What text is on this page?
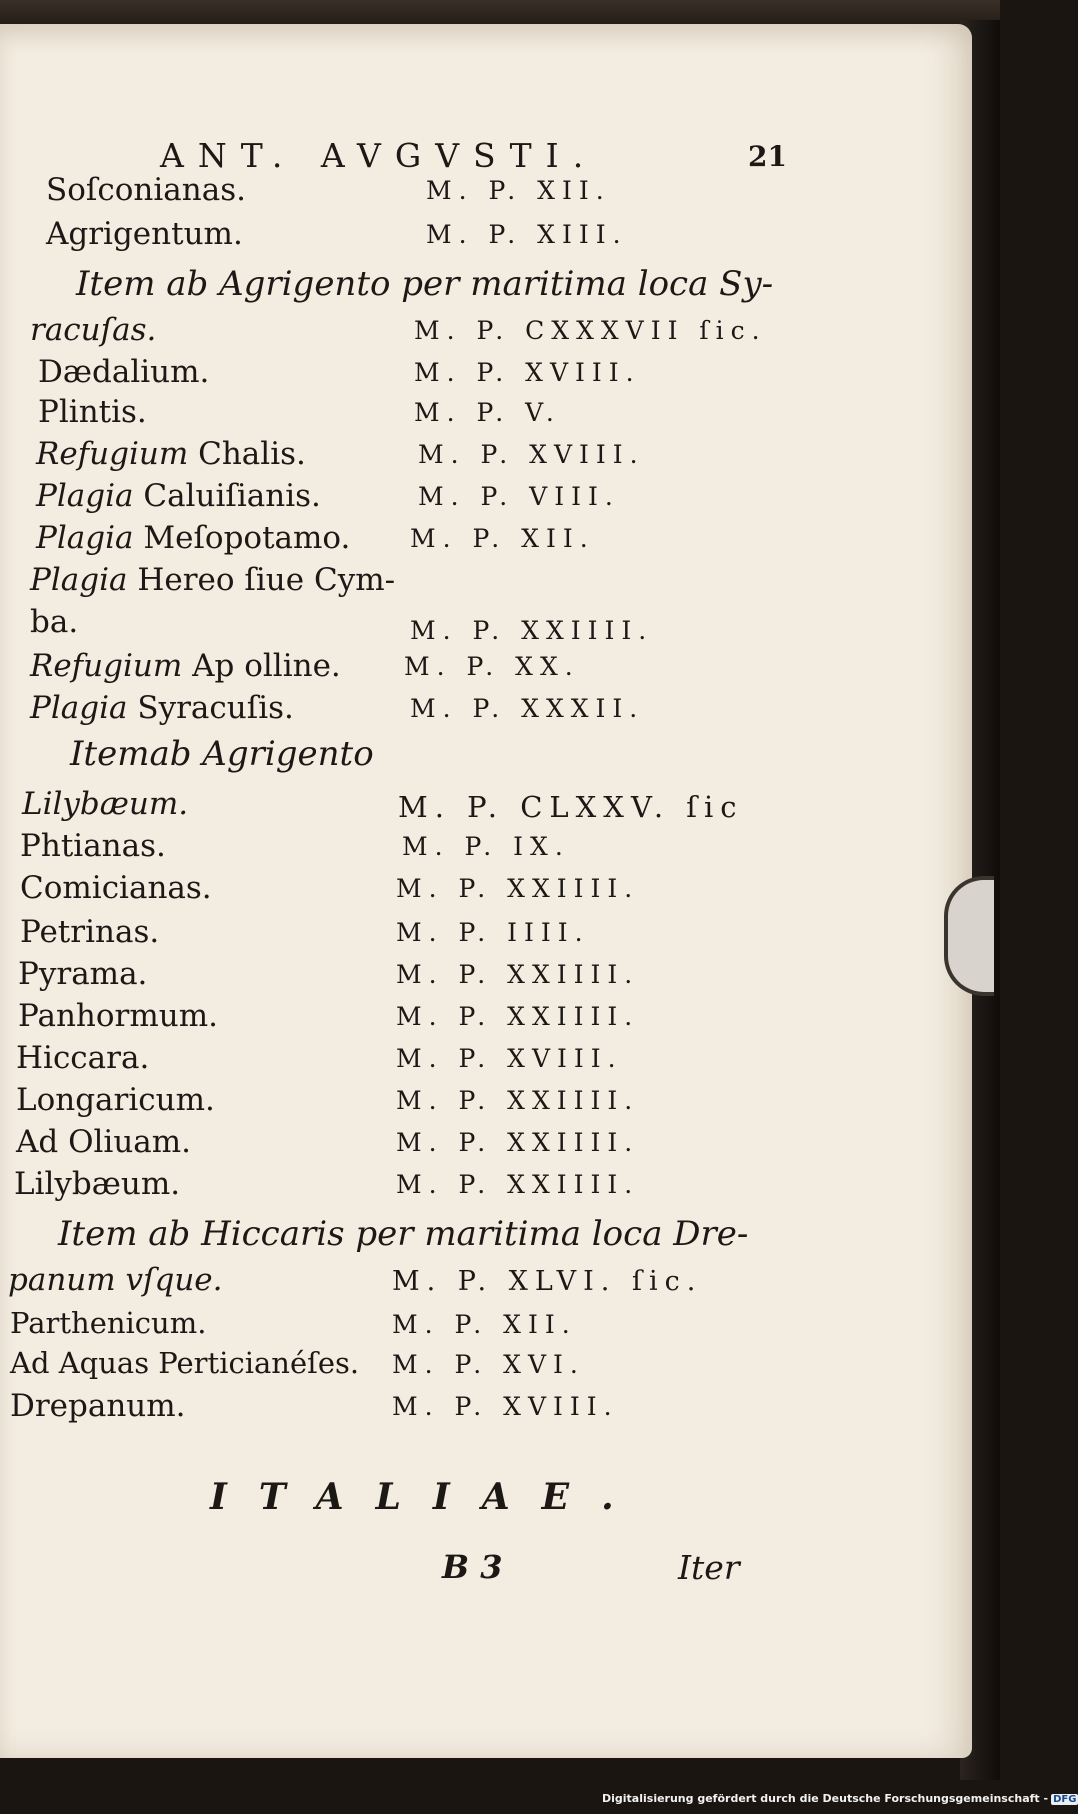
ANT. AVGVSTI.	21
Soſconianas.	M. P. XII.
Agrigentum.	M. P. XIII.
Item ab Agrigento per maritima loca Sy-
racuſas.	M. P. CXXXVII ſic.
Dædalium.	M. P. XVIII.
Plintis.	M. P. V.
Refugium Chalis.	M. P. XVIII.
Plagia Caluiſianis.	M. P. VIII.
Plagia Meſopotamo. M. P. XII.
Plagia Hereo ſiue Cym-
ba.	M. P. XXIIII.
Refugium Ap olline.	M. P. XX.
Plagia Syracuſis.	M. P. XXXII.
Itemab Agrigento
Lilybæum.	M. P. CLXXV. ſic
Phtianas.	M. P. IX.
Comicianas.	M. P. XXIIII.
Petrinas.	M. P. IIII.
Pyrama.	M. P. XXIIII.
Panhormum.	M. P. XXIIII.
Hiccara.	M. P. XVIII.
Longaricum.	M. P. XXIIII.
Ad Oliuam.	M. P. XXIIII.
Lilybæum.	M. P. XXIIII.
Item ab Hiccaris per maritima loca Dre-
panum vſque.	M. P. XLVI. ſic.
Parthenicum.	M. P. XII.
Ad Aquas Perticianéſes. M. P. XVI.
Drepanum.	M. P. XVIII.
ITALIAE.
B 3	Iter
Digitalisierung gefördert durch die Deutsche Forschungsgemeinschaft - DFG
